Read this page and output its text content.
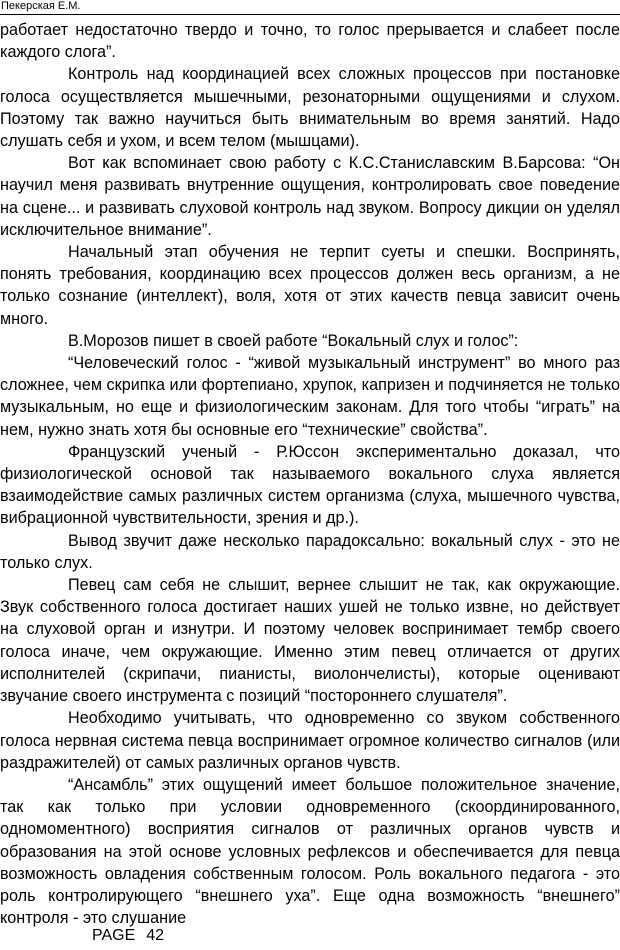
Пекерская Е.М.

работает недостаточно твердо и точно, то голос прерывается и слабеет после каждого слога”.

Контроль над координацией всех сложных процессов при постановке голоса осуществляется мышечными, резонаторными ощущениями и слухом. Поэтому так важно научиться быть внимательным во время занятий. Надо слушать себя и ухом, и всем телом (мышцами).

Вот как вспоминает свою работу с К.С.Станиславским В.Барсова: “Он научил меня развивать внутренние ощущения, контролировать свое поведение на сцене... и развивать слуховой контроль над звуком. Вопросу дикции он уделял исключительное внимание”.

Начальный этап обучения не терпит суеты и спешки. Воспринять, понять требования, координацию всех процессов должен весь организм, а не только сознание (интеллект), воля, хотя от этих качеств певца зависит очень много.

В.Морозов пишет в своей работе “Вокальный слух и голос”:

“Человеческий голос - “живой музыкальный инструмент” во много раз сложнее, чем скрипка или фортепиано, хрупок, капризен и подчиняется не только музыкальным, но еще и физиологическим законам. Для того чтобы “играть” на нем, нужно знать хотя бы основные его “технические” свойства”.

Французский ученый - Р.Юссон экспериментально доказал, что физиологической основой так называемого вокального слуха является взаимодействие самых различных систем организма (слуха, мышечного чувства, вибрационной чувствительности, зрения и др.).

Вывод звучит даже несколько парадоксально: вокальный слух - это не только слух.

Певец сам себя не слышит, вернее слышит не так, как окружающие. Звук собственного голоса достигает наших ушей не только извне, но действует на слуховой орган и изнутри. И поэтому человек воспринимает тембр своего голоса иначе, чем окружающие. Именно этим певец отличается от других исполнителей (скрипачи, пианисты, виолончелисты), которые оценивают звучание своего инструмента с позиций “постороннего слушателя”.

Необходимо учитывать, что одновременно со звуком собственного голоса нервная система певца воспринимает огромное количество сигналов (или раздражителей) от самых различных органов чувств.

“Ансамбль” этих ощущений имеет большое положительное значение, так как только при условии одновременного (скоординированного, одномоментного) восприятия сигналов от различных органов чувств и образования на этой основе условных рефлексов и обеспечивается для певца возможность овладения собственным голосом. Роль вокального педагога - это роль контролирующего “внешнего уха”. Еще одна возможность “внешнего” контроля - это слушание

PAGE 42
